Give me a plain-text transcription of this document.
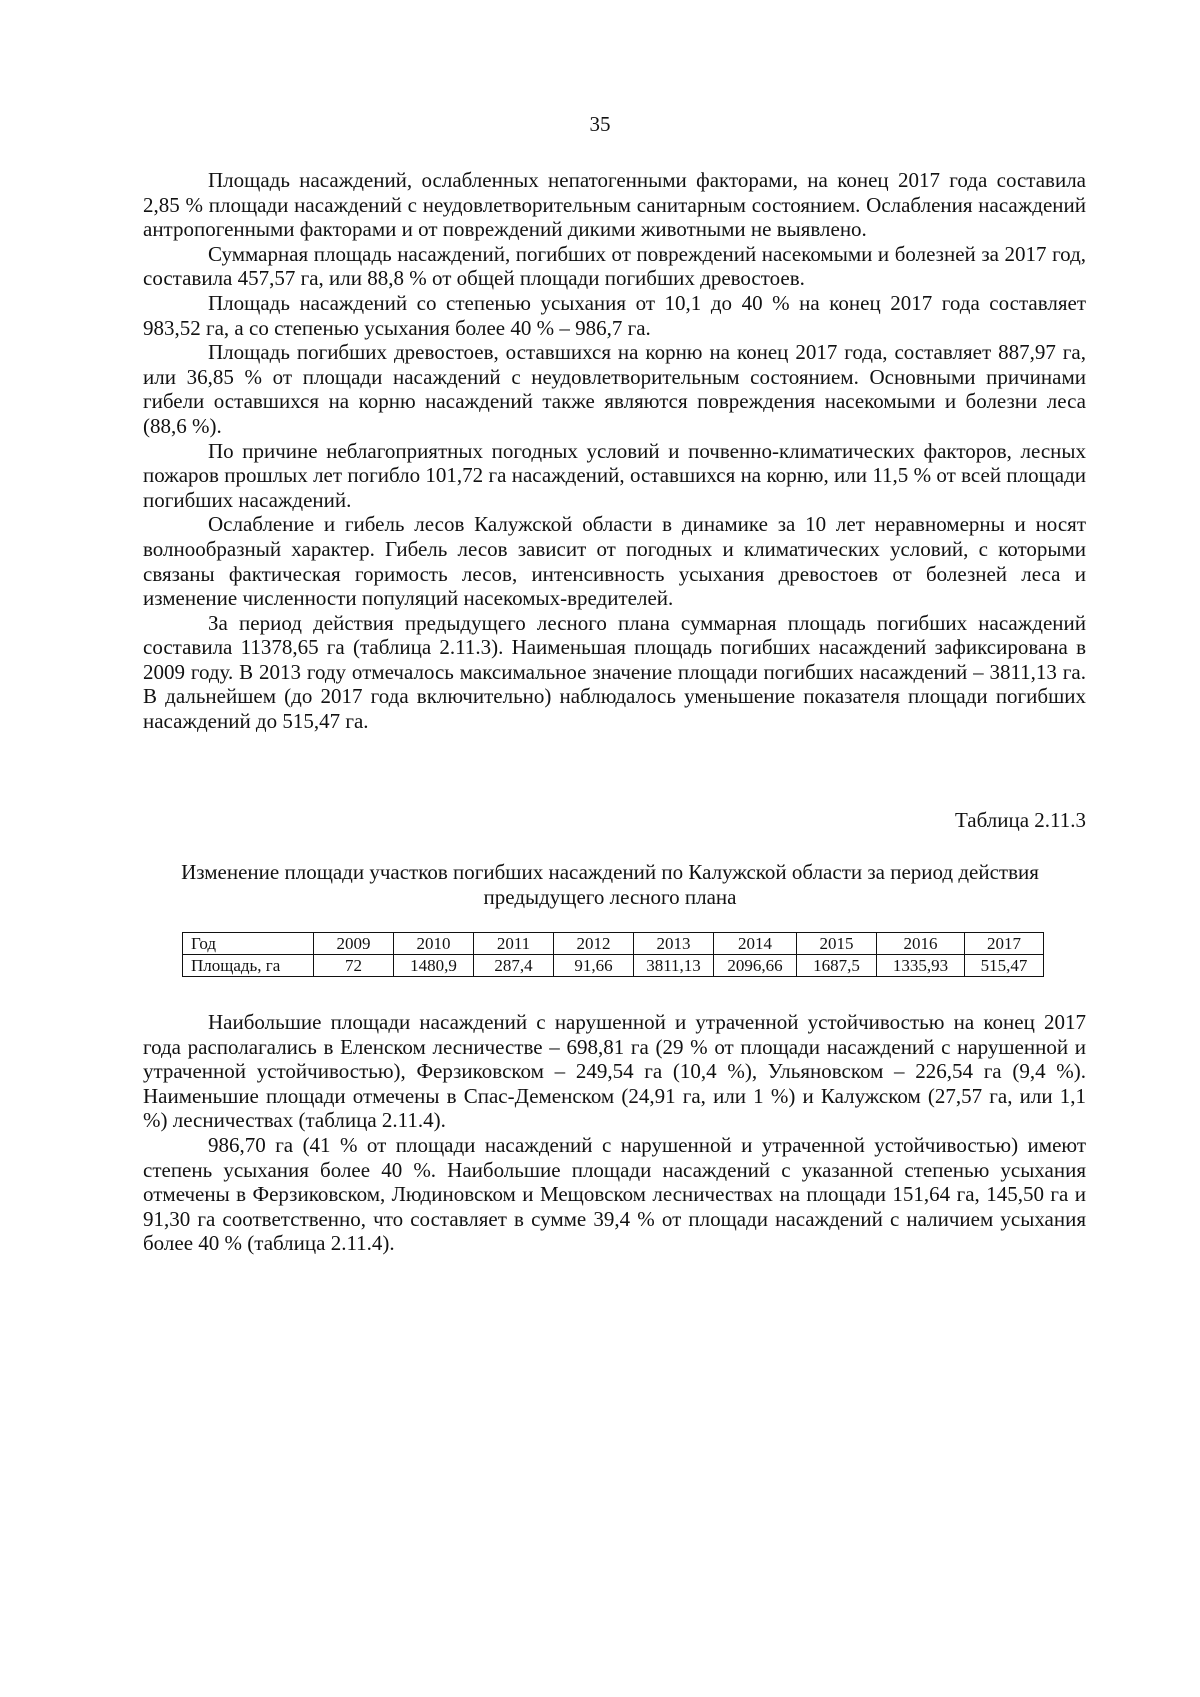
35

Площадь насаждений, ослабленных непатогенными факторами, на конец 2017 года составила 2,85 % площади насаждений с неудовлетворительным санитарным состоянием. Ослабления насаждений антропогенными факторами и от повреждений дикими животными не выявлено.

Суммарная площадь насаждений, погибших от повреждений насекомыми и болезней за 2017 год, составила 457,57 га, или 88,8 % от общей площади погибших древостоев.

Площадь насаждений со степенью усыхания от 10,1 до 40 % на конец 2017 года составляет 983,52 га, а со степенью усыхания более 40 % – 986,7 га.

Площадь погибших древостоев, оставшихся на корню на конец 2017 года, составляет 887,97 га, или 36,85 % от площади насаждений с неудовлетворительным состоянием. Основными причинами гибели оставшихся на корню насаждений также являются повреждения насекомыми и болезни леса (88,6 %).

По причине неблагоприятных погодных условий и почвенно-климатических факторов, лесных пожаров прошлых лет погибло 101,72 га насаждений, оставшихся на корню, или 11,5 % от всей площади погибших насаждений.

Ослабление и гибель лесов Калужской области в динамике за 10 лет неравномерны и носят волнообразный характер. Гибель лесов зависит от погодных и климатических условий, с которыми связаны фактическая горимость лесов, интенсивность усыхания древостоев от болезней леса и изменение численности популяций насекомых-вредителей.

За период действия предыдущего лесного плана суммарная площадь погибших насаждений составила 11378,65 га (таблица 2.11.3). Наименьшая площадь погибших насаждений зафиксирована в 2009 году. В 2013 году отмечалось максимальное значение площади погибших насаждений – 3811,13 га. В дальнейшем (до 2017 года включительно) наблюдалось уменьшение показателя площади погибших насаждений до 515,47 га.

Таблица 2.11.3
Изменение площади участков погибших насаждений по Калужской области за период действия предыдущего лесного плана
Год	2009	2010	2011	2012	2013	2014	2015	2016	2017
Площадь, га	72	1480,9	287,4	91,66	3811,13	2096,66	1687,5	1335,93	515,47

Наибольшие площади насаждений с нарушенной и утраченной устойчивостью на конец 2017 года располагались в Еленском лесничестве – 698,81 га (29 % от площади насаждений с нарушенной и утраченной устойчивостью), Ферзиковском – 249,54 га (10,4 %), Ульяновском – 226,54 га (9,4 %). Наименьшие площади отмечены в Спас-Деменском (24,91 га, или 1 %) и Калужском (27,57 га, или 1,1 %) лесничествах (таблица 2.11.4).

986,70 га (41 % от площади насаждений с нарушенной и утраченной устойчивостью) имеют степень усыхания более 40 %. Наибольшие площади насаждений с указанной степенью усыхания отмечены в Ферзиковском, Людиновском и Мещовском лесничествах на площади 151,64 га, 145,50 га и 91,30 га соответственно, что составляет в сумме 39,4 % от площади насаждений с наличием усыхания более 40 % (таблица 2.11.4).
